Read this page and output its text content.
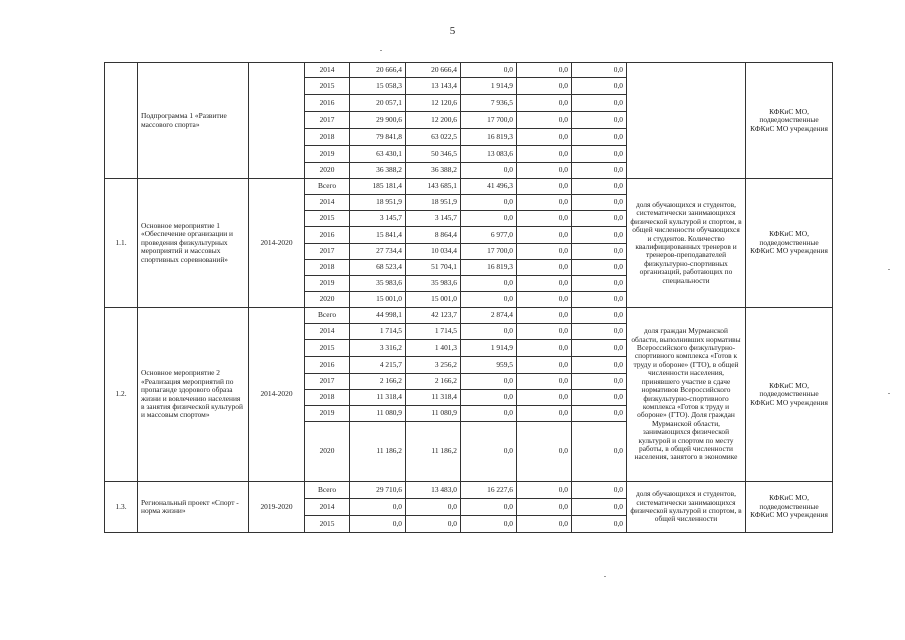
5
	Подпрограмма 1 «Развитие массового спорта»		2014	20 666,4	20 666,4	0,0	0,0	0,0		КФКиС МО, подведомственные КФКиС МО учреждения
			2015	15 058,3	13 143,4	1 914,9	0,0	0,0		
			2016	20 057,1	12 120,6	7 936,5	0,0	0,0		
			2017	29 900,6	12 200,6	17 700,0	0,0	0,0		
			2018	79 841,8	63 022,5	16 819,3	0,0	0,0		
			2019	63 430,1	50 346,5	13 083,6	0,0	0,0		
			2020	36 388,2	36 388,2	0,0	0,0	0,0		
1.1.	Основное мероприятие 1 «Обеспечение организации и проведения физкультурных мероприятий и массовых спортивных соревнований»	2014-2020	Всего	185 181,4	143 685,1	41 496,3	0,0	0,0	доля обучающихся и студентов, систематически занимающихся физической культурой и спортом, в общей численности обучающихся и студентов. Количество квалифицированных тренеров и тренеров-преподавателей физкультурно-спортивных организаций, работающих по специальности	КФКиС МО, подведомственные КФКиС МО учреждения
			2014	18 951,9	18 951,9	0,0	0,0	0,0		
			2015	3 145,7	3 145,7	0,0	0,0	0,0		
			2016	15 841,4	8 864,4	6 977,0	0,0	0,0		
			2017	27 734,4	10 034,4	17 700,0	0,0	0,0		
			2018	68 523,4	51 704,1	16 819,3	0,0	0,0		
			2019	35 983,6	35 983,6	0,0	0,0	0,0		
			2020	15 001,0	15 001,0	0,0	0,0	0,0		
1.2.	Основное мероприятие 2 «Реализация мероприятий по пропаганде здорового образа жизни и вовлечению населения в занятия физической культурой и массовым спортом»	2014-2020	Всего	44 998,1	42 123,7	2 874,4	0,0	0,0	доля граждан Мурманской области, выполнивших нормативы Всероссийского физкультурно-спортивного комплекса «Готов к труду и обороне» (ГТО), в общей численности населения, принявшего участие в сдаче нормативов Всероссийского физкультурно-спортивного комплекса «Готов к труду и обороне» (ГТО). Доля граждан Мурманской области, занимающихся физической культурой и спортом по месту работы, в общей численности населения, занятого в экономике	КФКиС МО, подведомственные КФКиС МО учреждения
			2014	1 714,5	1 714,5	0,0	0,0	0,0		
			2015	3 316,2	1 401,3	1 914,9	0,0	0,0		
			2016	4 215,7	3 256,2	959,5	0,0	0,0		
			2017	2 166,2	2 166,2	0,0	0,0	0,0		
			2018	11 318,4	11 318,4	0,0	0,0	0,0		
			2019	11 080,9	11 080,9	0,0	0,0	0,0		
			2020	11 186,2	11 186,2	0,0	0,0	0,0		
1.3.	Региональный проект «Спорт - норма жизни»	2019-2020	Всего	29 710,6	13 483,0	16 227,6	0,0	0,0	доля обучающихся и студентов, систематически занимающихся физической культурой и спортом, в общей численности	КФКиС МО, подведомственные КФКиС МО учреждения
			2014	0,0	0,0	0,0	0,0	0,0		
			2015	0,0	0,0	0,0	0,0	0,0		
